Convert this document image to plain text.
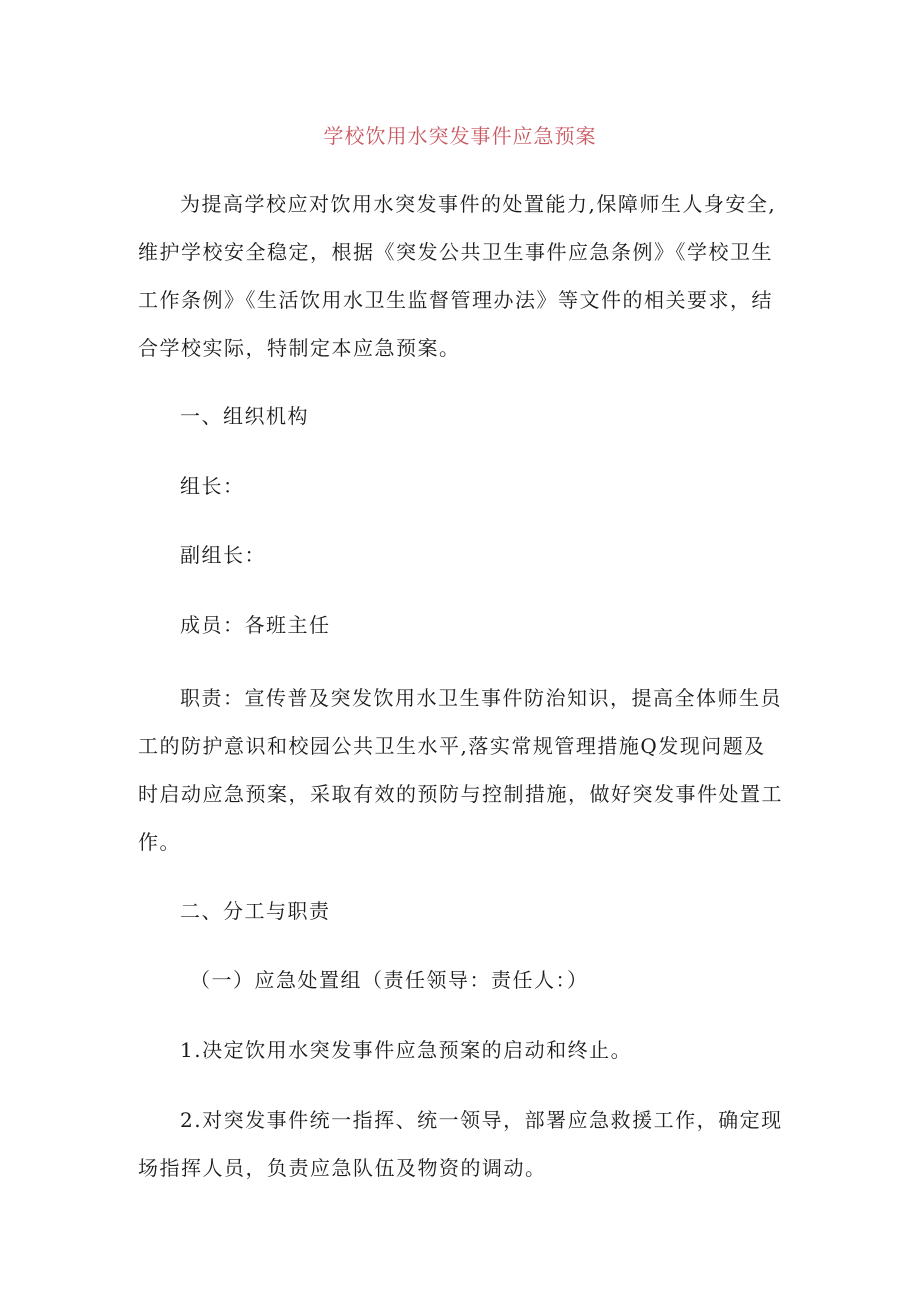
学校饮用水突发事件应急预案

为提高学校应对饮用水突发事件的处置能力,保障师生人身安全,维护学校安全稳定，根据《突发公共卫生事件应急条例》《学校卫生工作条例》《生活饮用水卫生监督管理办法》等文件的相关要求，结合学校实际，特制定本应急预案。

一、组织机构

组长：

副组长：

成员：各班主任

职责：宣传普及突发饮用水卫生事件防治知识，提高全体师生员工的防护意识和校园公共卫生水平,落实常规管理措施Q发现问题及时启动应急预案，采取有效的预防与控制措施，做好突发事件处置工作。

二、分工与职责

（一）应急处置组（责任领导：责任人：）

1.决定饮用水突发事件应急预案的启动和终止。

2.对突发事件统一指挥、统一领导，部署应急救援工作，确定现场指挥人员，负责应急队伍及物资的调动。
